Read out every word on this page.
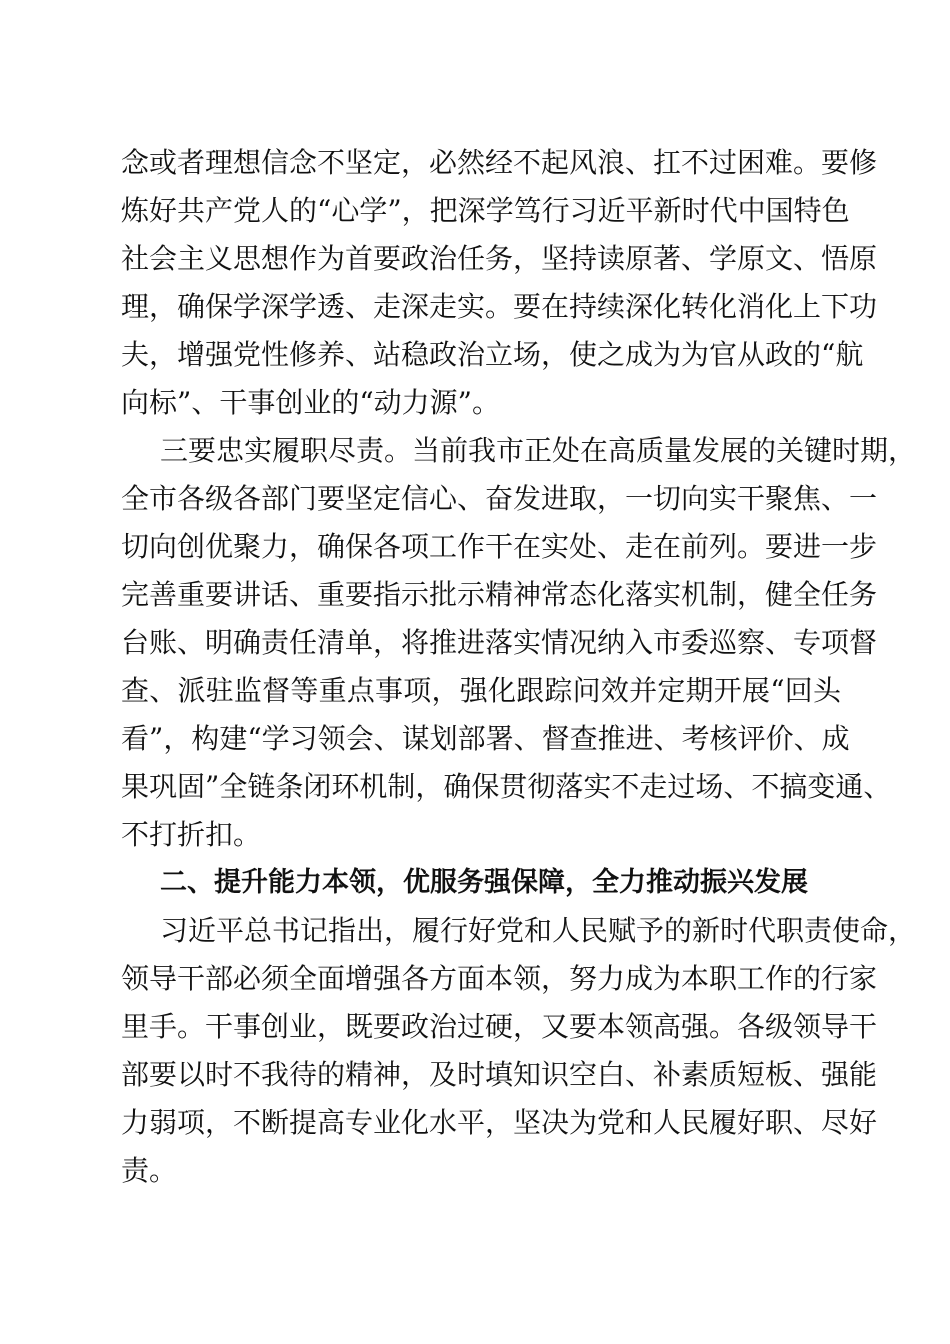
念或者理想信念不坚定，必然经不起风浪、扛不过困难。要修
炼好共产党人的“心学”，把深学笃行习近平新时代中国特色
社会主义思想作为首要政治任务，坚持读原著、学原文、悟原
理，确保学深学透、走深走实。要在持续深化转化消化上下功
夫，增强党性修养、站稳政治立场，使之成为为官从政的“航
向标”、干事创业的“动力源”。
三要忠实履职尽责。当前我市正处在高质量发展的关键时期，
全市各级各部门要坚定信心、奋发进取，一切向实干聚焦、一
切向创优聚力，确保各项工作干在实处、走在前列。要进一步
完善重要讲话、重要指示批示精神常态化落实机制，健全任务
台账、明确责任清单，将推进落实情况纳入市委巡察、专项督
查、派驻监督等重点事项，强化跟踪问效并定期开展“回头
看”，构建“学习领会、谋划部署、督查推进、考核评价、成
果巩固”全链条闭环机制，确保贯彻落实不走过场、不搞变通、
不打折扣。
二、提升能力本领，优服务强保障，全力推动振兴发展
习近平总书记指出，履行好党和人民赋予的新时代职责使命，
领导干部必须全面增强各方面本领，努力成为本职工作的行家
里手。干事创业，既要政治过硬，又要本领高强。各级领导干
部要以时不我待的精神，及时填知识空白、补素质短板、强能
力弱项，不断提高专业化水平，坚决为党和人民履好职、尽好
责。
